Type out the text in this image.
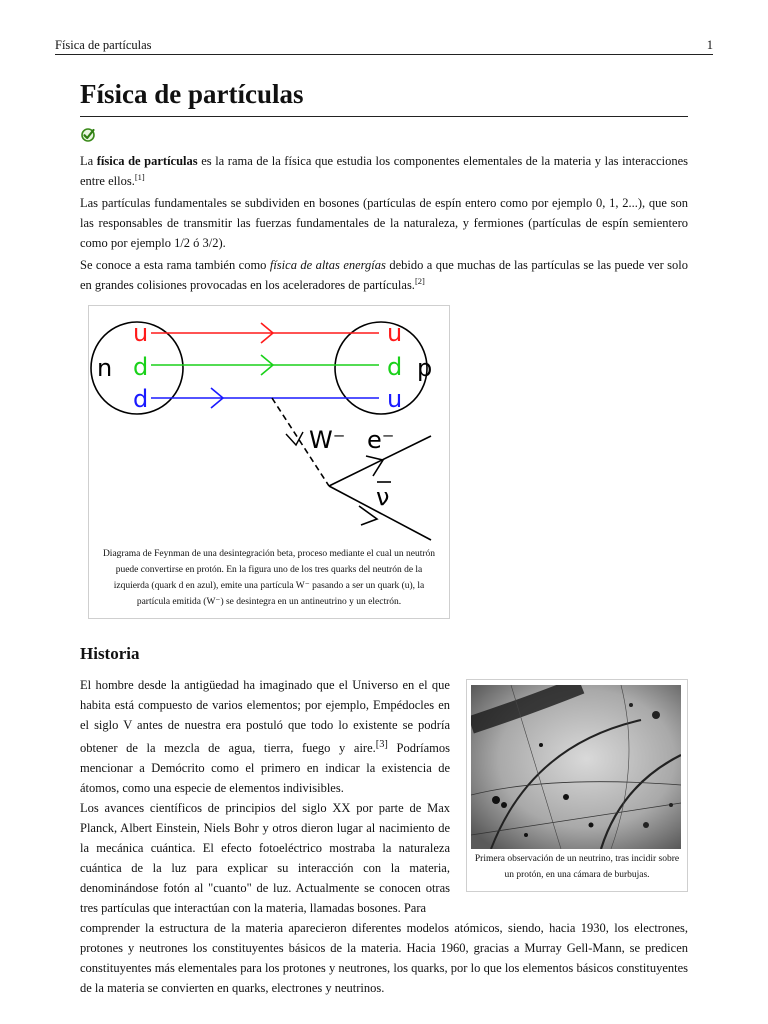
Física de partículas	1
Física de partículas

La física de partículas es la rama de la física que estudia los componentes elementales de la materia y las interacciones entre ellos.[1]

Las partículas fundamentales se subdividen en bosones (partículas de espín entero como por ejemplo 0, 1, 2...), que son las responsables de transmitir las fuerzas fundamentales de la naturaleza, y fermiones (partículas de espín semientero como por ejemplo 1/2 ó 3/2).

Se conoce a esta rama también como física de altas energías debido a que muchas de las partículas se las puede ver solo en grandes colisiones provocadas en los aceleradores de partículas.[2]

n	p
u
d
d
u
d
u
W⁻ e⁻
ν
Diagrama de Feynman de una desintegración beta, proceso mediante el cual un neutrón puede convertirse en protón. En la figura uno de los tres quarks del neutrón de la izquierda (quark d en azul), emite una partícula W⁻ pasando a ser un quark (u), la partícula emitida (W⁻) se desintegra en un antineutrino y un electrón.
Historia

El hombre desde la antigüedad ha imaginado que el Universo en el que habita está compuesto de varios elementos; por ejemplo, Empédocles en el siglo V antes de nuestra era postuló que todo lo existente se podría obtener de la mezcla de agua, tierra, fuego y aire.[3] Podríamos mencionar a Demócrito como el primero en indicar la existencia de átomos, como una especie de elementos indivisibles.

Los avances científicos de principios del siglo XX por parte de Max Planck, Albert Einstein, Niels Bohr y otros dieron lugar al nacimiento de la mecánica cuántica. El efecto fotoeléctrico mostraba la naturaleza cuántica de la luz para explicar su interacción con la materia, denominándose fotón al "cuanto" de luz. Actualmente se conocen otras tres partículas que interactúan con la materia, llamadas bosones. Para

comprender la estructura de la materia aparecieron diferentes modelos atómicos, siendo, hacia 1930, los electrones, protones y neutrones los constituyentes básicos de la materia. Hacia 1960, gracias a Murray Gell-Mann, se predicen constituyentes más elementales para los protones y neutrones, los quarks, por lo que los elementos básicos constituyentes de la materia se convierten en quarks, electrones y neutrinos.

Primera observación de un neutrino, tras incidir sobre un protón, en una cámara de burbujas.
